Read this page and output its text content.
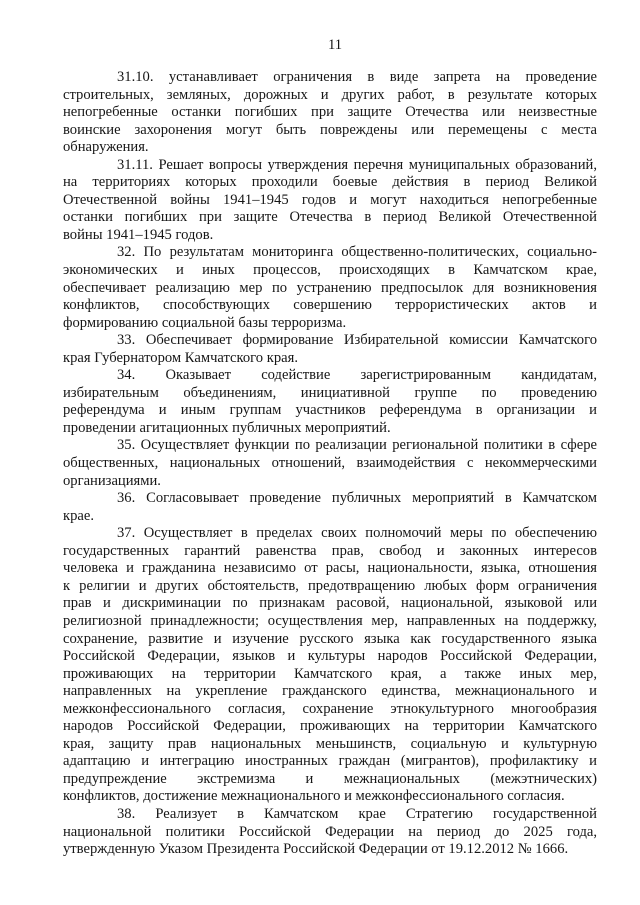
11
31.10. устанавливает ограничения в виде запрета на проведение
строительных, земляных, дорожных и других работ, в результате которых
непогребенные останки погибших при защите Отечества или неизвестные
воинские захоронения могут быть повреждены или перемещены с места
обнаружения.
31.11. Решает вопросы утверждения перечня муниципальных образований,
на территориях которых проходили боевые действия в период Великой
Отечественной войны 1941–1945 годов и могут находиться непогребенные
останки погибших при защите Отечества в период Великой Отечественной
войны 1941–1945 годов.
32. По результатам мониторинга общественно-политических, социально-
экономических и иных процессов, происходящих в Камчатском крае,
обеспечивает реализацию мер по устранению предпосылок для возникновения
конфликтов, способствующих совершению террористических актов и
формированию социальной базы терроризма.
33. Обеспечивает формирование Избирательной комиссии Камчатского
края Губернатором Камчатского края.
34. Оказывает содействие зарегистрированным кандидатам,
избирательным объединениям, инициативной группе по проведению
референдума и иным группам участников референдума в организации и
проведении агитационных публичных мероприятий.
35. Осуществляет функции по реализации региональной политики в сфере
общественных, национальных отношений, взаимодействия с некоммерческими
организациями.
36. Согласовывает проведение публичных мероприятий в Камчатском
крае.
37. Осуществляет в пределах своих полномочий меры по обеспечению
государственных гарантий равенства прав, свобод и законных интересов
человека и гражданина независимо от расы, национальности, языка, отношения
к религии и других обстоятельств, предотвращению любых форм ограничения
прав и дискриминации по признакам расовой, национальной, языковой или
религиозной принадлежности; осуществления мер, направленных на поддержку,
сохранение, развитие и изучение русского языка как государственного языка
Российской Федерации, языков и культуры народов Российской Федерации,
проживающих на территории Камчатского края, а также иных мер,
направленных на укрепление гражданского единства, межнационального и
межконфессионального согласия, сохранение этнокультурного многообразия
народов Российской Федерации, проживающих на территории Камчатского
края, защиту прав национальных меньшинств, социальную и культурную
адаптацию и интеграцию иностранных граждан (мигрантов), профилактику и
предупреждение экстремизма и межнациональных (межэтнических)
конфликтов, достижение межнационального и межконфессионального согласия.
38. Реализует в Камчатском крае Стратегию государственной
национальной политики Российской Федерации на период до 2025 года,
утвержденную Указом Президента Российской Федерации от 19.12.2012 № 1666.
